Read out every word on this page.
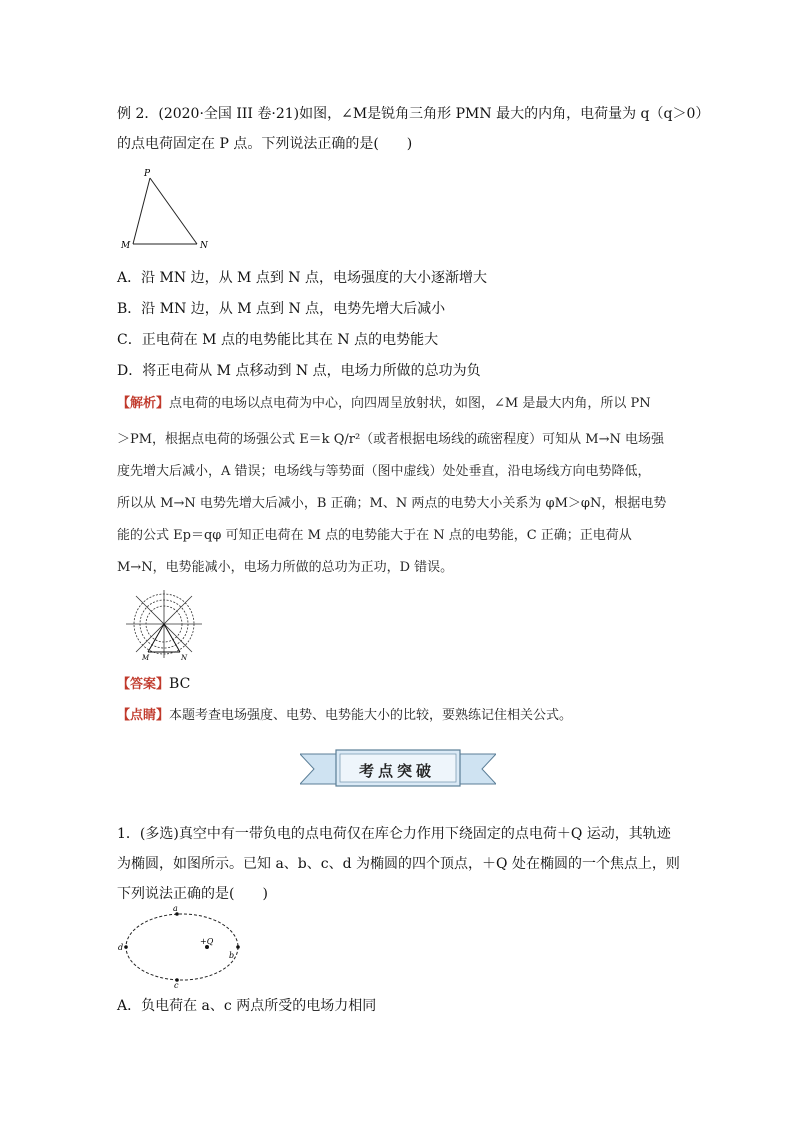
例 2．(2020·全国 III 卷·21)如图，∠M是锐角三角形 PMN 最大的内角，电荷量为 q（q＞0）
的点电荷固定在 P 点。下列说法正确的是(　　)
P
M	N
A．沿 MN 边，从 M 点到 N 点，电场强度的大小逐渐增大
B．沿 MN 边，从 M 点到 N 点，电势先增大后减小
C．正电荷在 M 点的电势能比其在 N 点的电势能大
D．将正电荷从 M 点移动到 N 点，电场力所做的总功为负
【解析】点电荷的电场以点电荷为中心，向四周呈放射状，如图，∠M 是最大内角，所以 PN
＞PM，根据点电荷的场强公式 E＝k Q/r²（或者根据电场线的疏密程度）可知从 M→N 电场强
度先增大后减小，A 错误；电场线与等势面（图中虚线）处处垂直，沿电场线方向电势降低，
所以从 M→N 电势先增大后减小，B 正确；M、N 两点的电势大小关系为 φM＞φN，根据电势
能的公式 Ep＝qφ 可知正电荷在 M 点的电势能大于在 N 点的电势能，C 正确；正电荷从
M→N，电势能减小，电场力所做的总功为正功，D 错误。
M	N
【答案】BC
【点睛】本题考查电场强度、电势、电势能大小的比较，要熟练记住相关公式。
考点突破
1．(多选)真空中有一带负电的点电荷仅在库仑力作用下绕固定的点电荷＋Q 运动，其轨迹
为椭圆，如图所示。已知 a、b、c、d 为椭圆的四个顶点，＋Q 处在椭圆的一个焦点上，则
下列说法正确的是(　　)
a
b
c
d
+Q
A．负电荷在 a、c 两点所受的电场力相同
